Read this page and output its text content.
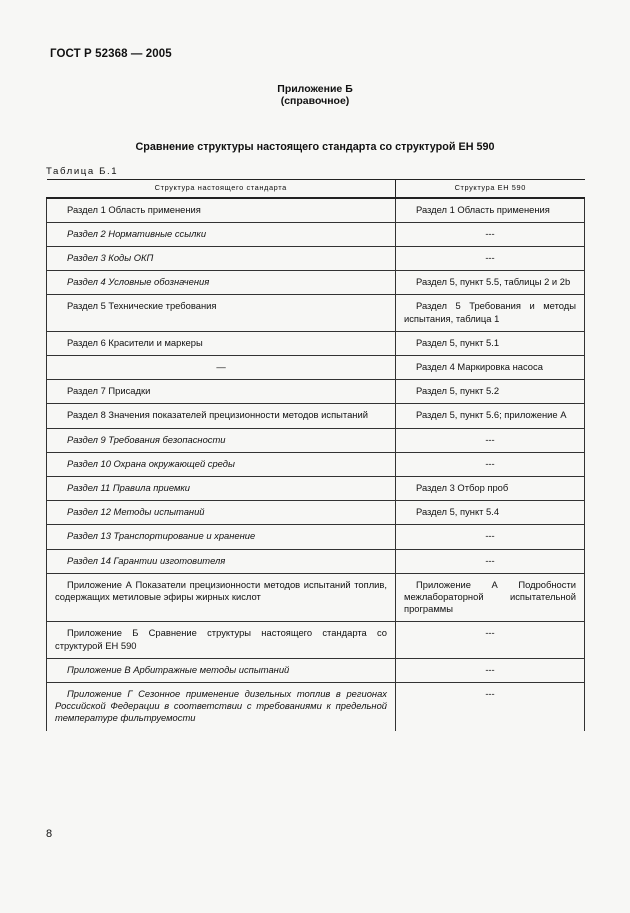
ГОСТ Р 52368 — 2005
Приложение Б
(справочное)
Сравнение структуры настоящего стандарта со структурой ЕН 590
Таблица Б.1
Структура настоящего стандарта	Структура ЕН 590
Раздел 1 Область применения	Раздел 1 Область применения
Раздел 2 Нормативные ссылки	---
Раздел 3 Коды ОКП	---
Раздел 4 Условные обозначения	Раздел 5, пункт 5.5, таблицы 2 и 2b
Раздел 5 Технические требования	Раздел 5 Требования и методы испытания, таблица 1
Раздел 6 Красители и маркеры	Раздел 5, пункт 5.1
—	Раздел 4 Маркировка насоса
Раздел 7 Присадки	Раздел 5, пункт 5.2
Раздел 8 Значения показателей прецизионности методов испытаний	Раздел 5, пункт 5.6; приложение А
Раздел 9 Требования безопасности	---
Раздел 10 Охрана окружающей среды	---
Раздел 11 Правила приемки	Раздел 3 Отбор проб
Раздел 12 Методы испытаний	Раздел 5, пункт 5.4
Раздел 13 Транспортирование и хранение	---
Раздел 14 Гарантии изготовителя	---
Приложение А Показатели прецизионности методов испытаний топлив, содержащих метиловые эфиры жирных кислот	Приложение А Подробности межлабораторной испытательной программы
Приложение Б Сравнение структуры настоящего стандарта со структурой ЕН 590	---
Приложение В Арбитражные методы испытаний	---
Приложение Г Сезонное применение дизельных топлив в регионах Российской Федерации в соответствии с требованиями к предельной температуре фильтруемости	---
8
